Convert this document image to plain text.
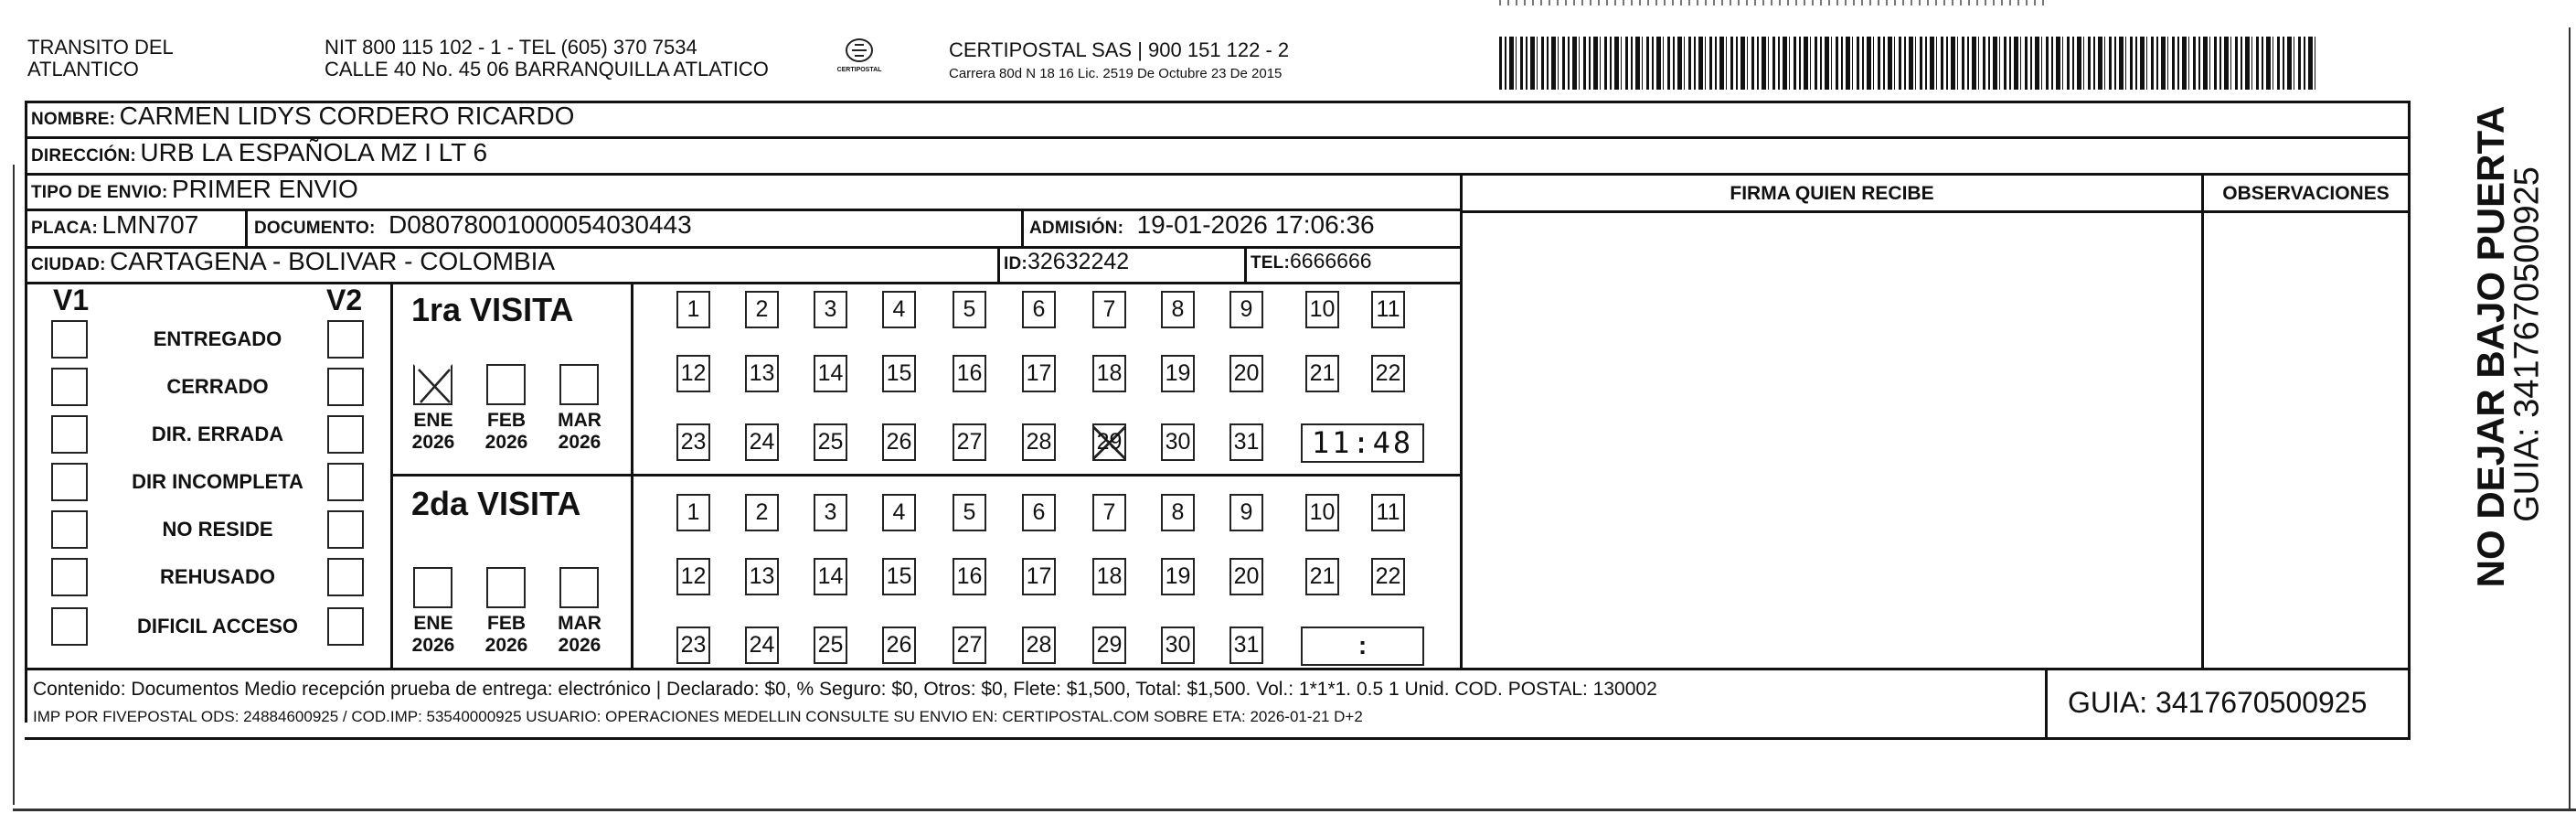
TRANSITO DEL
ATLANTICO
NIT 800 115 102 - 1 - TEL (605) 370 7534
CALLE 40 No. 45 06 BARRANQUILLA ATLATICO	CERTIPOSTAL
CERTIPOSTAL SAS | 900 151 122 - 2
Carrera 80d N 18 16 Lic. 2519 De Octubre 23 De 2015
NOMBRE: CARMEN LIDYS CORDERO RICARDO
DIRECCIÓN: URB LA ESPAÑOLA MZ I LT 6
TIPO DE ENVIO: PRIMER ENVIO	FIRMA QUIEN RECIBE	OBSERVACIONES
PLACA: LMN707	DOCUMENTO: D08078001000054030443	ADMISIÓN: 19-01-2026 17:06:36
CIUDAD: CARTAGENA - BOLIVAR - COLOMBIA	ID:32632242	TEL:6666666
V1	V2
ENTREGADO
CERRADO
DIR. ERRADA
DIR INCOMPLETA
NO RESIDE
REHUSADO
DIFICIL ACCESO
1ra VISITA
2da VISITA
ENE
2026
FEB
2026
MAR
2026
1	2	3	4	5	6	7	8	9	10 11
12 13 14 15 16 17 18 19 20 21 22
23 24 25 26 27 28 29 30 31	11:48
ENE
2026
FEB
2026
MAR
2026
1	2	3	4	5	6	7	8	9	10 11
12 13 14 15 16 17 18 19 20 21 22
23 24 25 26 27 28 29 30 31	:
Contenido: Documentos Medio recepción prueba de entrega: electrónico | Declarado: $0, % Seguro: $0, Otros: $0, Flete: $1,500, Total: $1,500. Vol.: 1*1*1. 0.5 1 Unid. COD. POSTAL: 130002
IMP POR FIVEPOSTAL ODS: 24884600925 / COD.IMP: 53540000925 USUARIO: OPERACIONES MEDELLIN CONSULTE SU ENVIO EN: CERTIPOSTAL.COM SOBRE ETA: 2026-01-21 D+2	GUIA: 3417670500925
NO DEJAR BAJO PUERTA
GUIA: 3417670500925
